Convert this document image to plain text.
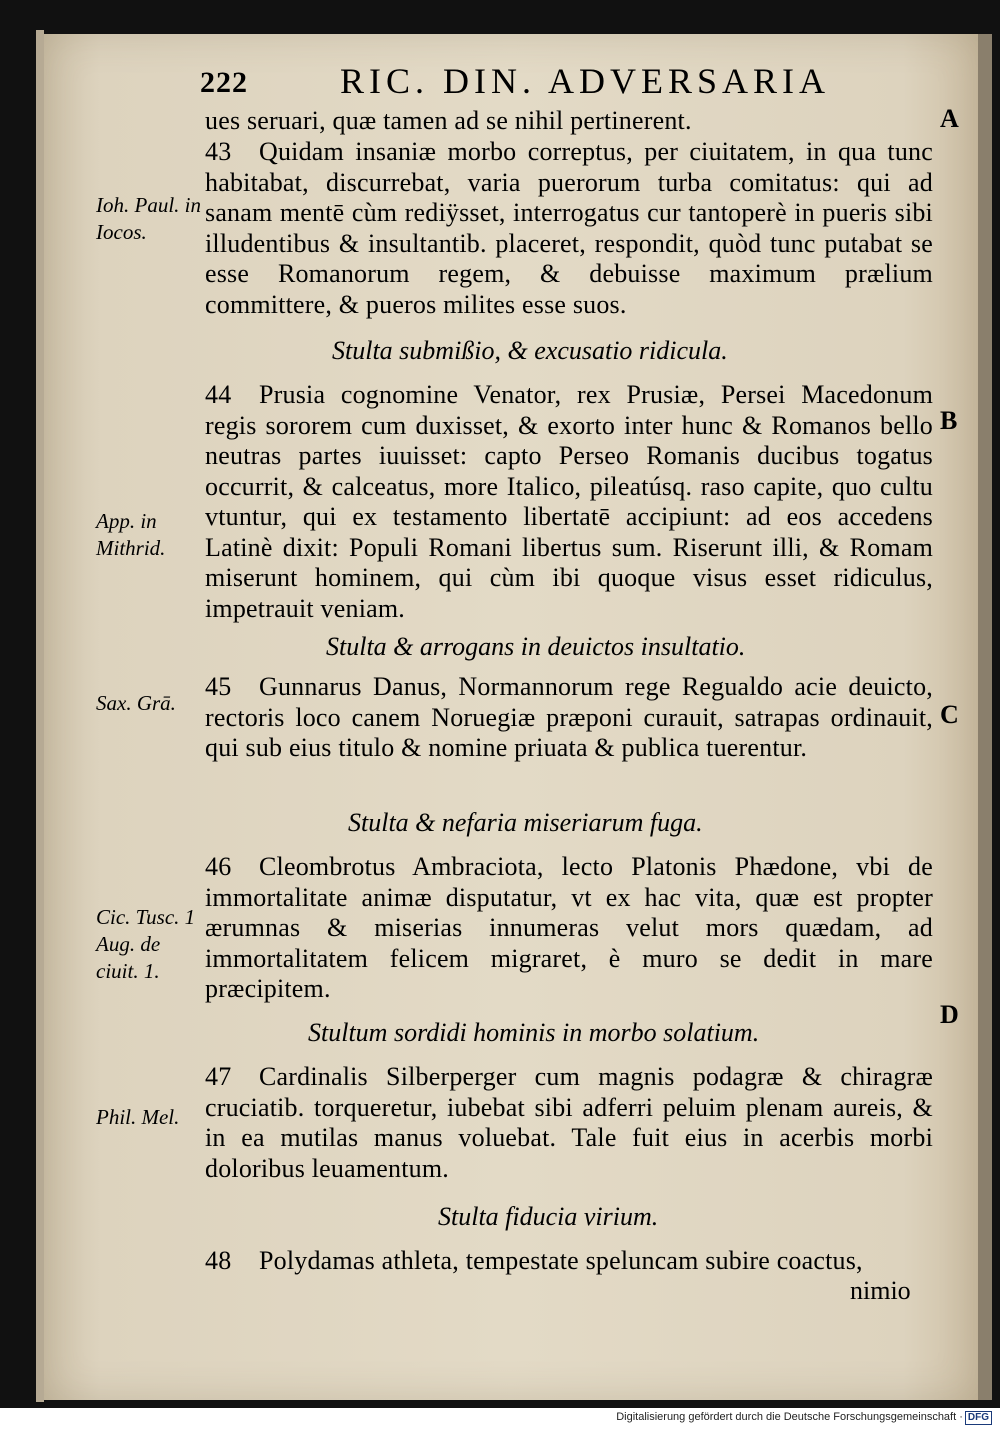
222	RIC. DIN. ADVERSARIA
A
B
C
D
Ioh. Paul. in Iocos.
App. in Mithrid.
Sax. Grā.
Cic. Tusc. 1 Aug. de ciuit. 1.
Phil. Mel.
ues seruari, quæ tamen ad se nihil pertinerent.
43 Quidam insaniæ morbo correptus, per ciuitatem, in qua tunc habitabat, discurrebat, varia puerorum turba comitatus: qui ad sanam mentē cùm rediÿsset, interrogatus cur tantoperè in pueris sibi illudentibus & insultantib. placeret, respondit, quòd tunc putabat se esse Romanorum regem, & debuisse maximum prælium committere, & pueros milites esse suos.
Stulta submißio, & excusatio ridicula.
44 Prusia cognomine Venator, rex Prusiæ, Persei Macedonum regis sororem cum duxisset, & exorto inter hunc & Romanos bello neutras partes iuuisset: capto Perseo Romanis ducibus togatus occurrit, & calceatus, more Italico, pileatúsq. raso capite, quo cultu vtuntur, qui ex testamento libertatē accipiunt: ad eos accedens Latinè dixit: Populi Romani libertus sum. Riserunt illi, & Romam miserunt hominem, qui cùm ibi quoque visus esset ridiculus, impetrauit veniam.
Stulta & arrogans in deuictos insultatio.
45 Gunnarus Danus, Normannorum rege Regualdo acie deuicto, rectoris loco canem Noruegiæ præponi curauit, satrapas ordinauit, qui sub eius titulo & nomine priuata & publica tuerentur.
Stulta & nefaria miseriarum fuga.
46 Cleombrotus Ambraciota, lecto Platonis Phædone, vbi de immortalitate animæ disputatur, vt ex hac vita, quæ est propter ærumnas & miserias innumeras velut mors quædam, ad immortalitatem felicem migraret, è muro se dedit in mare præcipitem.
Stultum sordidi hominis in morbo solatium.
47 Cardinalis Silberperger cum magnis podagræ & chiragræ cruciatib. torqueretur, iubebat sibi adferri peluim plenam aureis, & in ea mutilas manus voluebat. Tale fuit eius in acerbis morbi doloribus leuamentum.
Stulta fiducia virium.
48 Polydamas athleta, tempestate speluncam subire coactus,
nimio
Digitalisierung gefördert durch die Deutsche Forschungsgemeinschaft · DFG
